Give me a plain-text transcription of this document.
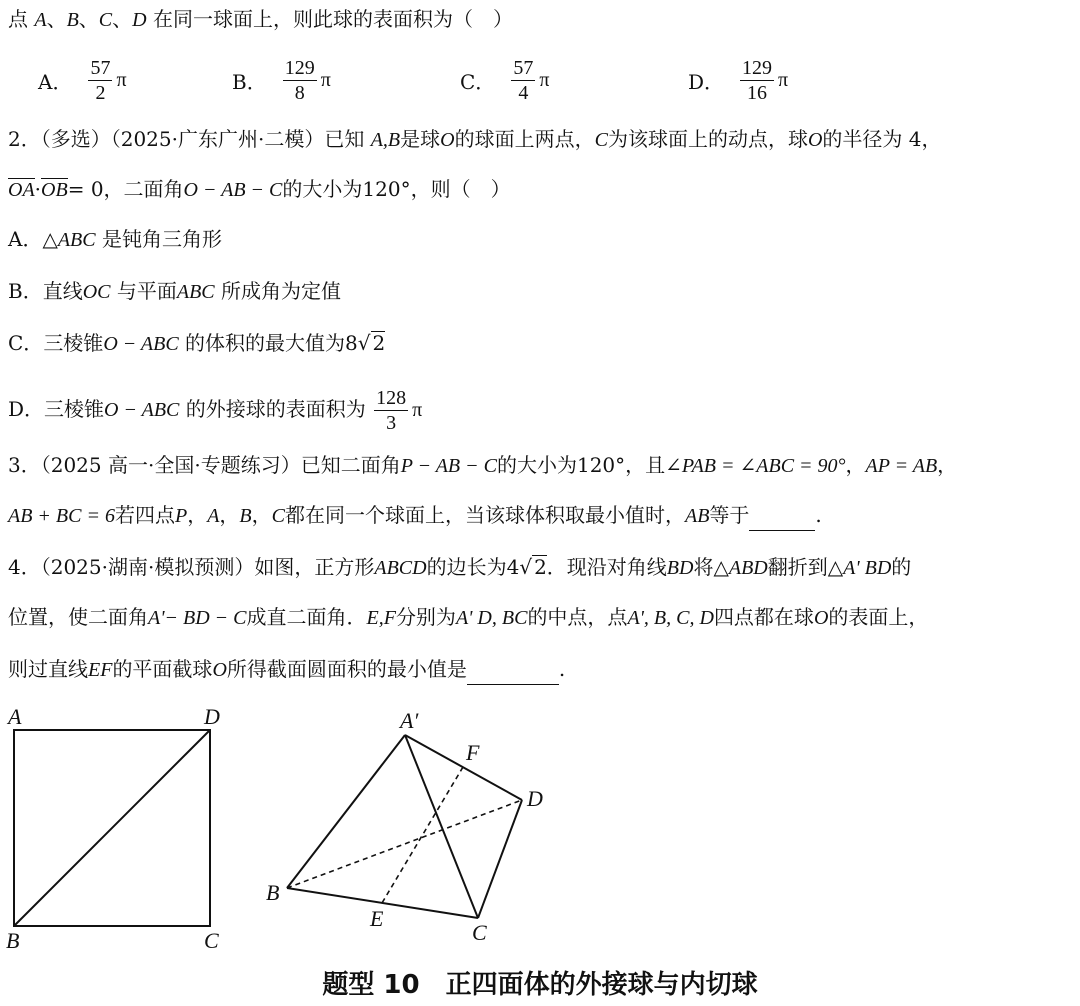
点 A、B、C、D 在同一球面上，则此球的表面积为（　）
A． $\frac{57}{2}$ π	B． $\frac{129}{8}$ π	C． $\frac{57}{4}$ π	D． $\frac{129}{16}$ π
2．（多选）（2025·广东广州·二模）已知 A,B是球O的球面上两点，C为该球面上的动点，球O的半径为 4，
OA·OB= 0，二面角O − AB − C的大小为120°，则（　）
A．△ABC 是钝角三角形
B．直线OC 与平面ABC 所成角为定值
C．三棱锥O − ABC 的体积的最大值为8√ 2
D．三棱锥O − ABC 的外接球的表面积为 $\frac{128}{3}$ π
3．（2025 高一·全国·专题练习）已知二面角P − AB − C的大小为120°，且∠PAB = ∠ABC = 90°，AP = AB，
AB + BC = 6若四点P，A，B，C都在同一个球面上，当该球体积取最小值时，AB等于	.
4．（2025·湖南·模拟预测）如图，正方形ABCD的边长为4√ 2．现沿对角线BD将△ABD翻折到△A' BD的
位置，使二面角A'− BD − C成直二面角．E,F分别为A' D, BC的中点，点A', B, C, D四点都在球O的表面上，
则过直线EF的平面截球O所得截面圆面积的最小值是	.
A	D
B	C
A′
F
D
B
E
C
题型 10　正四面体的外接球与内切球
